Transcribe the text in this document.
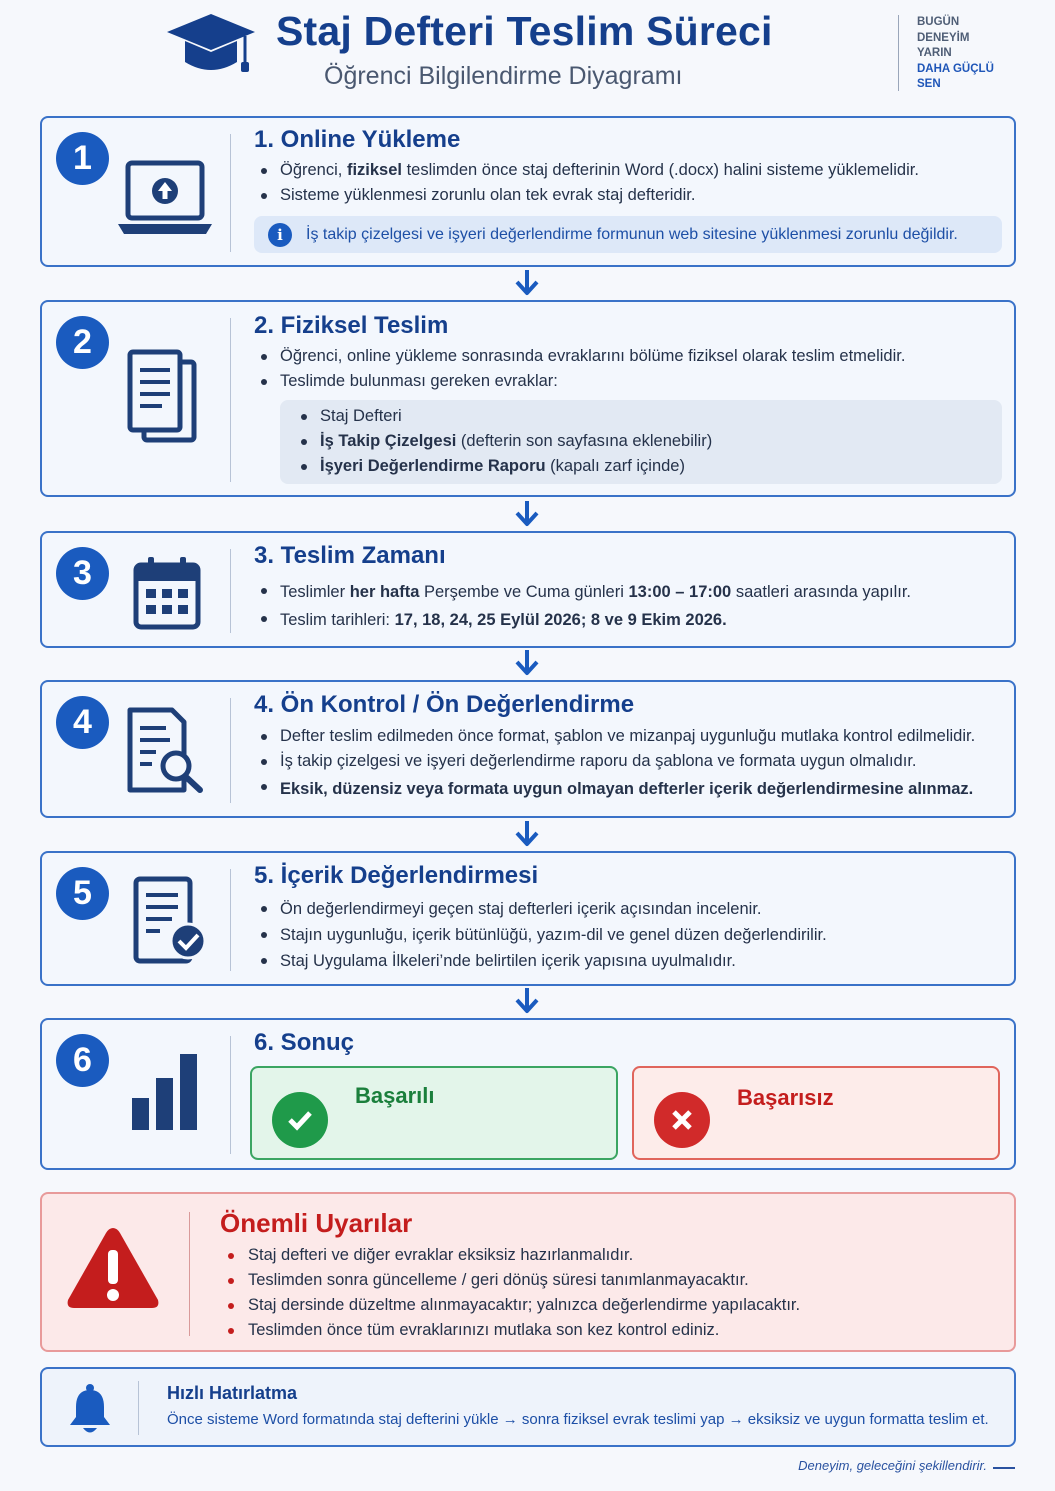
Staj Defteri Teslim Süreci
Öğrenci Bilgilendirme Diyagramı
BUGÜN
DENEYİM
YARIN
DAHA GÜÇLÜ
SEN
1	1. Online Yükleme
Öğrenci, fiziksel teslimden önce staj defterinin Word (.docx) halini sisteme yüklemelidir.
Sisteme yüklenmesi zorunlu olan tek evrak staj defteridir.
i	İş takip çizelgesi ve işyeri değerlendirme formunun web sitesine yüklenmesi zorunlu değildir.
2	2. Fiziksel Teslim
Öğrenci, online yükleme sonrasında evraklarını bölüme fiziksel olarak teslim etmelidir.
Teslimde bulunması gereken evraklar:
Staj Defteri
İş Takip Çizelgesi (defterin son sayfasına eklenebilir)
İşyeri Değerlendirme Raporu (kapalı zarf içinde)
3	3. Teslim Zamanı
Teslimler her hafta Perşembe ve Cuma günleri 13:00 – 17:00 saatleri arasında yapılır.
Teslim tarihleri: 17, 18, 24, 25 Eylül 2026; 8 ve 9 Ekim 2026.
4	4. Ön Kontrol / Ön Değerlendirme
Defter teslim edilmeden önce format, şablon ve mizanpaj uygunluğu mutlaka kontrol edilmelidir.
İş takip çizelgesi ve işyeri değerlendirme raporu da şablona ve formata uygun olmalıdır.
Eksik, düzensiz veya formata uygun olmayan defterler içerik değerlendirmesine alınmaz.
5	5. İçerik Değerlendirmesi
Ön değerlendirmeyi geçen staj defterleri içerik açısından incelenir.
Stajın uygunluğu, içerik bütünlüğü, yazım-dil ve genel düzen değerlendirilir.
Staj Uygulama İlkeleri’nde belirtilen içerik yapısına uyulmalıdır.
6	6. Sonuç
Başarılı	Başarısız
Önemli Uyarılar
Staj defteri ve diğer evraklar eksiksiz hazırlanmalıdır.
Teslimden sonra güncelleme / geri dönüş süresi tanımlanmayacaktır.
Staj dersinde düzeltme alınmayacaktır; yalnızca değerlendirme yapılacaktır.
Teslimden önce tüm evraklarınızı mutlaka son kez kontrol ediniz.
Hızlı Hatırlatma
Önce sisteme Word formatında staj defterini yükle → sonra fiziksel evrak teslimi yap → eksiksiz ve uygun formatta teslim et.
Deneyim, geleceğini şekillendirir.
